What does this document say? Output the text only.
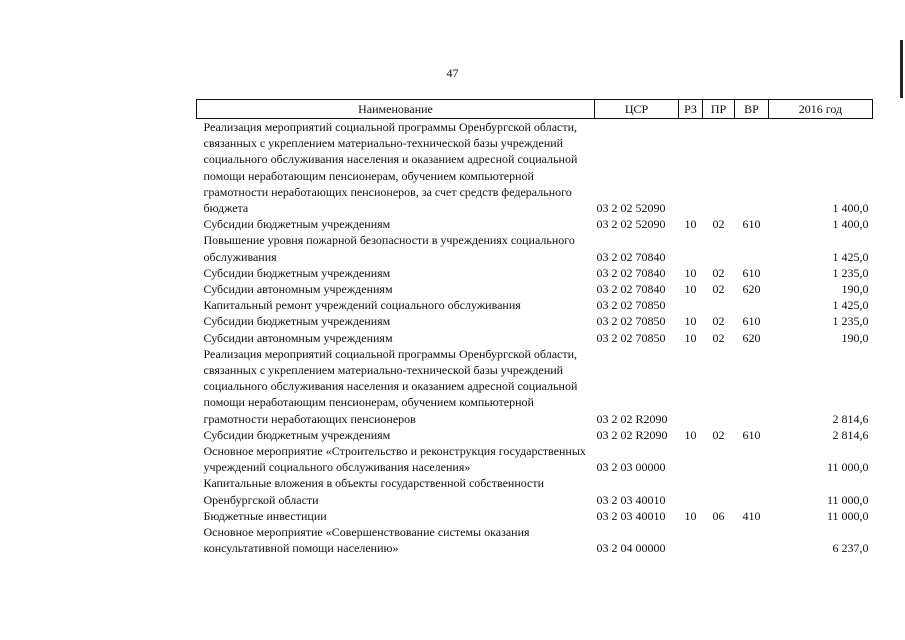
47
Наименование	ЦСР	РЗ	ПР	ВР	2016 год
Реализация мероприятий социальной программы Оренбургской области, связанных с укреплением материально-технической базы учреждений социального обслуживания населения и оказанием адресной социальной помощи неработающим пенсионерам, обучением компьютерной грамотности неработающих пенсионеров, за счет средств федерального бюджета	03 2 02 52090				1 400,0
Субсидии бюджетным учреждениям	03 2 02 52090	10	02	610	1 400,0
Повышение уровня пожарной безопасности в учреждениях социального обслуживания	03 2 02 70840				1 425,0
Субсидии бюджетным учреждениям	03 2 02 70840	10	02	610	1 235,0
Субсидии автономным учреждениям	03 2 02 70840	10	02	620	190,0
Капитальный ремонт учреждений социального обслуживания	03 2 02 70850				1 425,0
Субсидии бюджетным учреждениям	03 2 02 70850	10	02	610	1 235,0
Субсидии автономным учреждениям	03 2 02 70850	10	02	620	190,0
Реализация мероприятий социальной программы Оренбургской области, связанных с укреплением материально-технической базы учреждений социального обслуживания населения и оказанием адресной социальной помощи неработающим пенсионерам, обучением компьютерной грамотности неработающих пенсионеров	03 2 02 R2090				2 814,6
Субсидии бюджетным учреждениям	03 2 02 R2090	10	02	610	2 814,6
Основное мероприятие «Строительство и реконструкция государственных учреждений социального обслуживания населения»	03 2 03 00000				11 000,0
Капитальные вложения в объекты государственной собственности Оренбургской области	03 2 03 40010				11 000,0
Бюджетные инвестиции	03 2 03 40010	10	06	410	11 000,0
Основное мероприятие «Совершенствование системы оказания консультативной помощи населению»	03 2 04 00000				6 237,0
